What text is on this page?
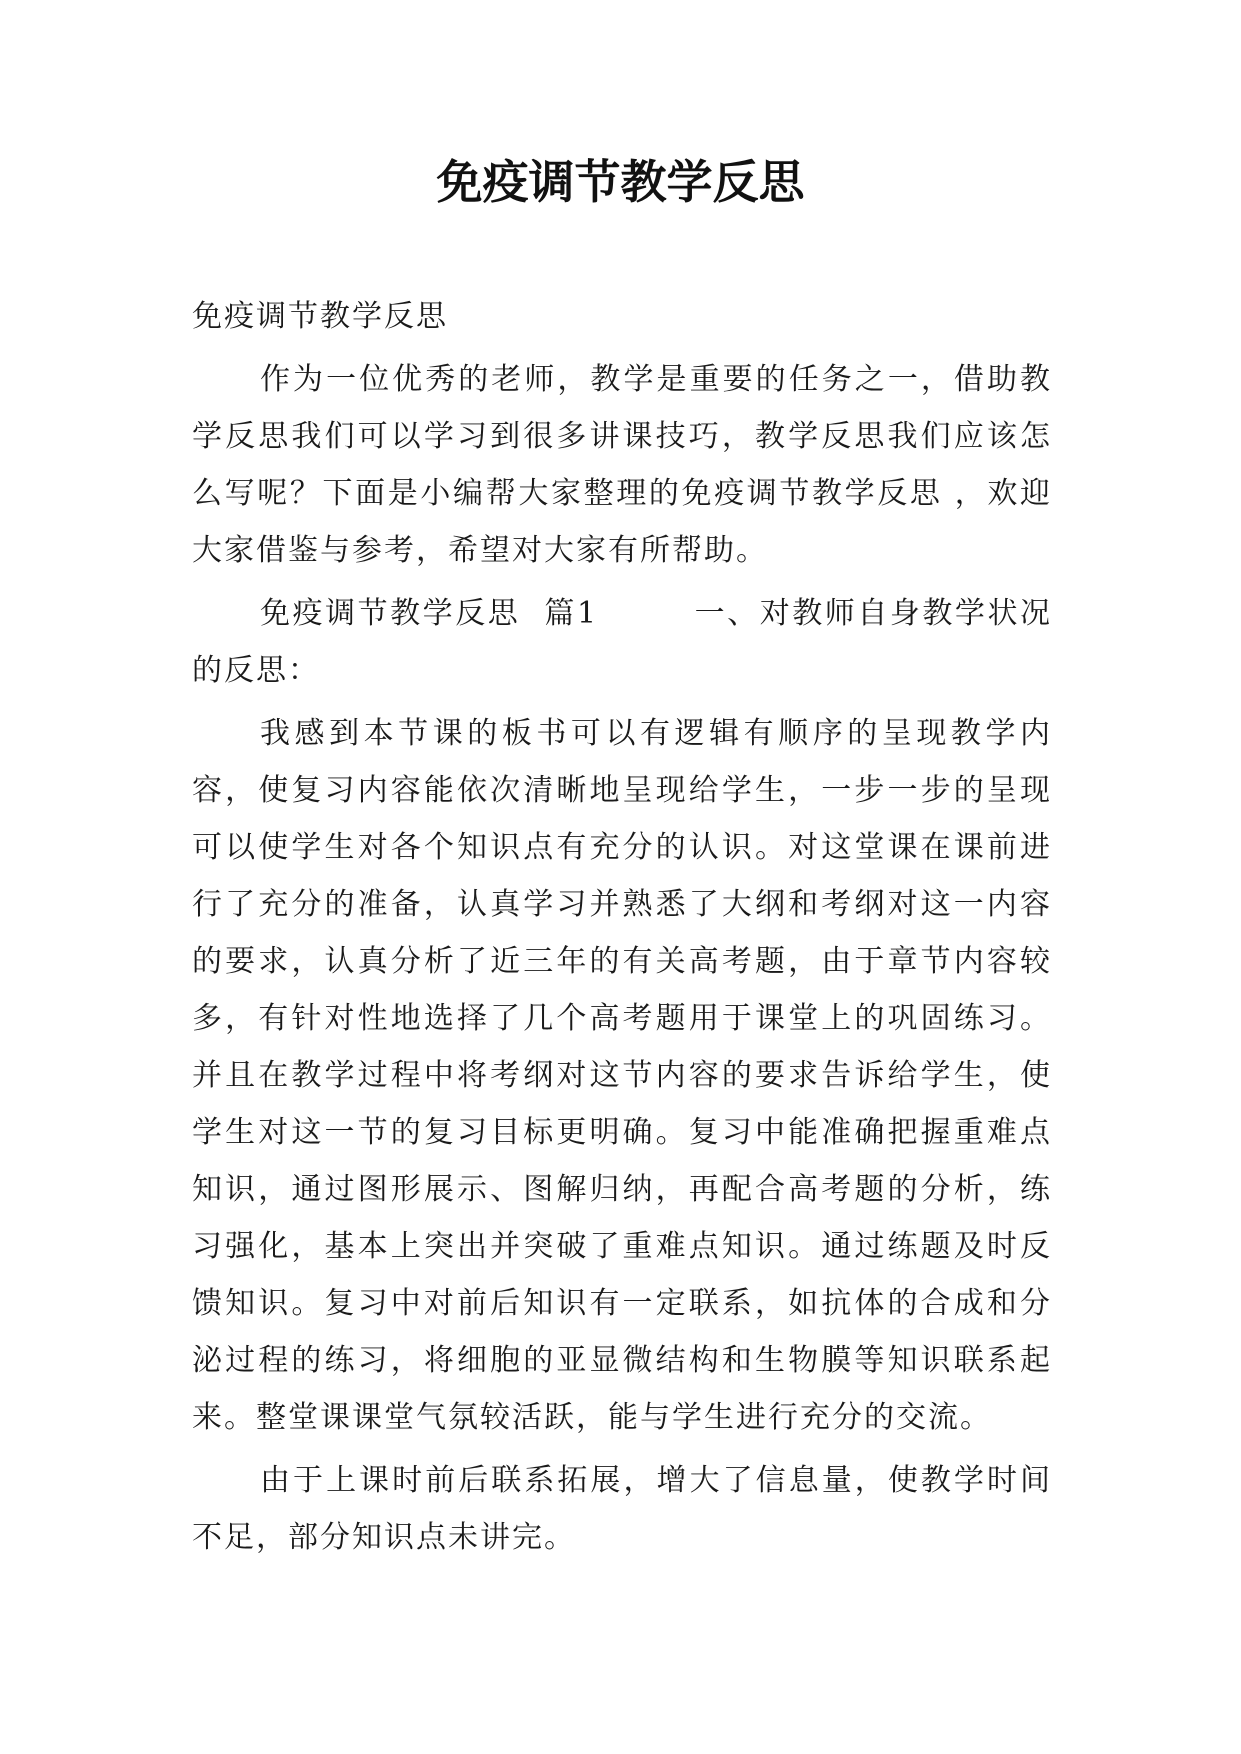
免疫调节教学反思

免疫调节教学反思

作为一位优秀的老师，教学是重要的任务之一，借助教学反思我们可以学习到很多讲课技巧，教学反思我们应该怎么写呢？下面是小编帮大家整理的免疫调节教学反思 ，欢迎大家借鉴与参考，希望对大家有所帮助。

免疫调节教学反思  篇1        一、对教师自身教学状况的反思：

我感到本节课的板书可以有逻辑有顺序的呈现教学内容，使复习内容能依次清晰地呈现给学生，一步一步的呈现可以使学生对各个知识点有充分的认识。对这堂课在课前进行了充分的准备，认真学习并熟悉了大纲和考纲对这一内容的要求，认真分析了近三年的有关高考题，由于章节内容较多，有针对性地选择了几个高考题用于课堂上的巩固练习。并且在教学过程中将考纲对这节内容的要求告诉给学生，使学生对这一节的复习目标更明确。复习中能准确把握重难点知识，通过图形展示、图解归纳，再配合高考题的分析，练习强化，基本上突出并突破了重难点知识。通过练题及时反馈知识。复习中对前后知识有一定联系，如抗体的合成和分泌过程的练习，将细胞的亚显微结构和生物膜等知识联系起来。整堂课课堂气氛较活跃，能与学生进行充分的交流。

由于上课时前后联系拓展，增大了信息量，使教学时间不足，部分知识点未讲完。
